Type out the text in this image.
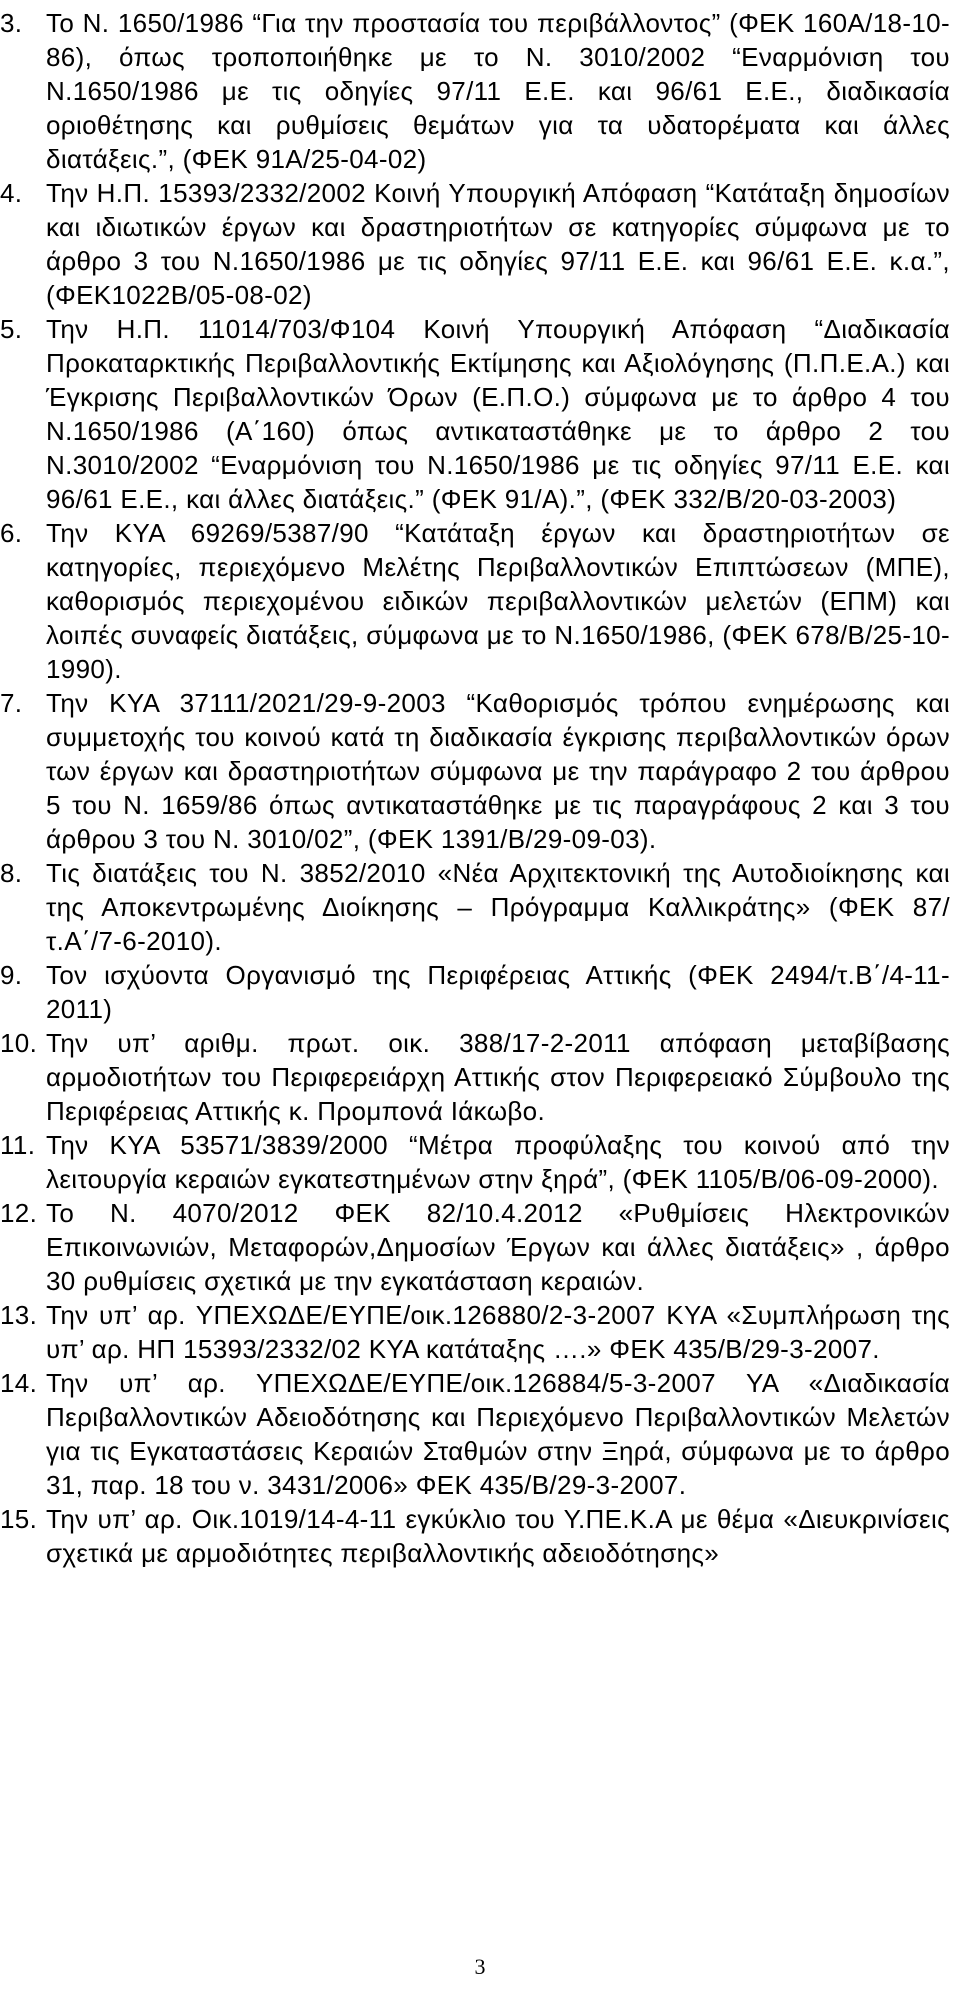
3. Το Ν. 1650/1986 “Για την προστασία του περιβάλλοντος” (ΦΕΚ 160Α/18-10-86), όπως τροποποιήθηκε με το Ν. 3010/2002 “Εναρμόνιση του Ν.1650/1986 με τις οδηγίες 97/11 Ε.Ε. και 96/61 Ε.Ε., διαδικασία οριοθέτησης και ρυθμίσεις θεμάτων για τα υδατορέματα και άλλες διατάξεις.”, (ΦΕΚ 91Α/25-04-02)
4. Την Η.Π. 15393/2332/2002 Κοινή Υπουργική Απόφαση “Κατάταξη δημοσίων και ιδιωτικών έργων και δραστηριοτήτων σε κατηγορίες σύμφωνα με το άρθρο 3 του Ν.1650/1986 με τις οδηγίες 97/11 Ε.Ε. και 96/61 Ε.Ε. κ.α.”, (ΦΕΚ1022Β/05-08-02)
5. Την Η.Π. 11014/703/Φ104 Κοινή Υπουργική Απόφαση “Διαδικασία Προκαταρκτικής Περιβαλλοντικής Εκτίμησης και Αξιολόγησης (Π.Π.Ε.Α.) και Έγκρισης Περιβαλλοντικών Όρων (Ε.Π.Ο.) σύμφωνα με το άρθρο 4 του Ν.1650/1986 (Α΄160) όπως αντικαταστάθηκε με το άρθρο 2 του Ν.3010/2002 “Εναρμόνιση του Ν.1650/1986 με τις οδηγίες 97/11 Ε.Ε. και 96/61 Ε.Ε., και άλλες διατάξεις.” (ΦΕΚ 91/Α).”, (ΦΕΚ 332/Β/20-03-2003)
6. Την ΚΥΑ 69269/5387/90 “Κατάταξη έργων και δραστηριοτήτων σε κατηγορίες, περιεχόμενο Μελέτης Περιβαλλοντικών Επιπτώσεων (ΜΠΕ), καθορισμός περιεχομένου ειδικών περιβαλλοντικών μελετών (ΕΠΜ) και λοιπές συναφείς διατάξεις, σύμφωνα με το Ν.1650/1986, (ΦΕΚ 678/Β/25-10-1990).
7. Την ΚΥΑ 37111/2021/29-9-2003 “Καθορισμός τρόπου ενημέρωσης και συμμετοχής του κοινού κατά τη διαδικασία έγκρισης περιβαλλοντικών όρων των έργων και δραστηριοτήτων σύμφωνα με την παράγραφο 2 του άρθρου 5 του Ν. 1659/86 όπως αντικαταστάθηκε με τις παραγράφους 2 και 3 του άρθρου 3 του Ν. 3010/02”, (ΦΕΚ 1391/Β/29-09-03).
8. Τις διατάξεις του Ν. 3852/2010 «Νέα Αρχιτεκτονική της Αυτοδιοίκησης και της Αποκεντρωμένης Διοίκησης – Πρόγραμμα Καλλικράτης» (ΦΕΚ 87/τ.Α΄/7-6-2010).
9. Τον ισχύοντα Οργανισμό της Περιφέρειας Αττικής (ΦΕΚ 2494/τ.Β΄/4-11-2011)
10. Την υπ’ αριθμ. πρωτ. οικ. 388/17-2-2011 απόφαση μεταβίβασης αρμοδιοτήτων του Περιφερειάρχη Αττικής στον Περιφερειακό Σύμβουλο της Περιφέρειας Αττικής κ. Προμπονά Ιάκωβο.
11. Την ΚΥΑ 53571/3839/2000 “Μέτρα προφύλαξης του κοινού από την λειτουργία κεραιών εγκατεστημένων στην ξηρά”, (ΦΕΚ 1105/Β/06-09-2000).
12. Το Ν. 4070/2012 ΦΕΚ 82/10.4.2012 «Ρυθμίσεις Ηλεκτρονικών Επικοινωνιών, Μεταφορών,Δημοσίων Έργων και άλλες διατάξεις» , άρθρο 30 ρυθμίσεις σχετικά με την εγκατάσταση κεραιών.
13. Την υπ’ αρ. ΥΠΕΧΩΔΕ/ΕΥΠΕ/οικ.126880/2-3-2007 ΚΥΑ «Συμπλήρωση της υπ’ αρ. ΗΠ 15393/2332/02 ΚΥΑ κατάταξης ….» ΦΕΚ 435/Β/29-3-2007.
14. Την υπ’ αρ. ΥΠΕΧΩΔΕ/ΕΥΠΕ/οικ.126884/5-3-2007 ΥΑ «Διαδικασία Περιβαλλοντικών Αδειοδότησης και Περιεχόμενο Περιβαλλοντικών Μελετών για τις Εγκαταστάσεις Κεραιών Σταθμών στην Ξηρά, σύμφωνα με το άρθρο 31, παρ. 18 του ν. 3431/2006» ΦΕΚ 435/Β/29-3-2007.
15. Την υπ’ αρ. Οικ.1019/14-4-11 εγκύκλιο του Υ.ΠΕ.Κ.Α με θέμα «Διευκρινίσεις σχετικά με αρμοδιότητες περιβαλλοντικής αδειοδότησης»
3
